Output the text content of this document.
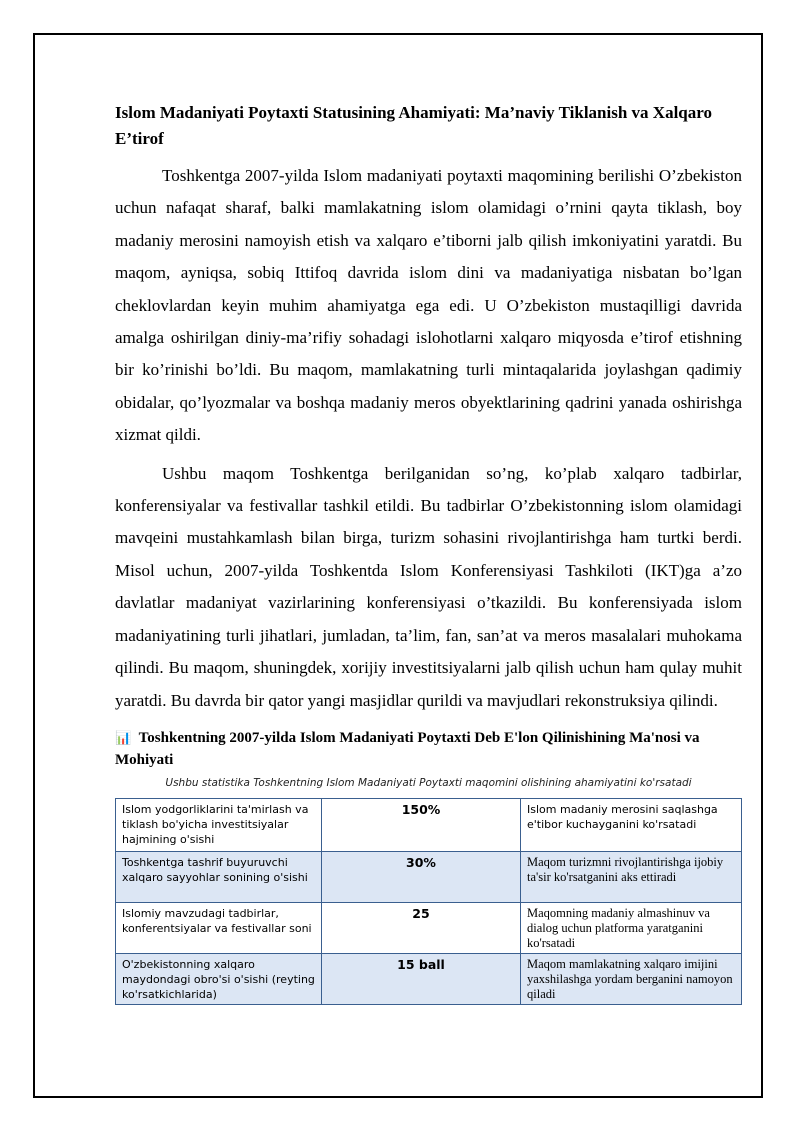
Islom Madaniyati Poytaxti Statusining Ahamiyati: Ma’naviy Tiklanish va Xalqaro E’tirof

Toshkentga 2007-yilda Islom madaniyati poytaxti maqomining berilishi O’zbekiston uchun nafaqat sharaf, balki mamlakatning islom olamidagi o’rnini qayta tiklash, boy madaniy merosini namoyish etish va xalqaro e’tiborni jalb qilish imkoniyatini yaratdi. Bu maqom, ayniqsa, sobiq Ittifoq davrida islom dini va madaniyatiga nisbatan bo’lgan cheklovlardan keyin muhim ahamiyatga ega edi. U O’zbekiston mustaqilligi davrida amalga oshirilgan diniy-ma’rifiy sohadagi islohotlarni xalqaro miqyosda e’tirof etishning bir ko’rinishi bo’ldi. Bu maqom, mamlakatning turli mintaqalarida joylashgan qadimiy obidalar, qo’lyozmalar va boshqa madaniy meros obyektlarining qadrini yanada oshirishga xizmat qildi.

Ushbu maqom Toshkentga berilganidan so’ng, ko’plab xalqaro tadbirlar, konferensiyalar va festivallar tashkil etildi. Bu tadbirlar O’zbekistonning islom olamidagi mavqeini mustahkamlash bilan birga, turizm sohasini rivojlantirishga ham turtki berdi. Misol uchun, 2007-yilda Toshkentda Islom Konferensiyasi Tashkiloti (IKT)ga a’zo davlatlar madaniyat vazirlarining konferensiyasi o’tkazildi. Bu konferensiyada islom madaniyatining turli jihatlari, jumladan, ta’lim, fan, san’at va meros masalalari muhokama qilindi. Bu maqom, shuningdek, xorijiy investitsiyalarni jalb qilish uchun ham qulay muhit yaratdi. Bu davrda bir qator yangi masjidlar qurildi va mavjudlari rekonstruksiya qilindi.

📊 Toshkentning 2007-yilda Islom Madaniyati Poytaxti Deb E'lon Qilinishining Ma'nosi va Mohiyati
Ushbu statistika Toshkentning Islom Madaniyati Poytaxti maqomini olishining ahamiyatini ko'rsatadi
Islom yodgorliklarini ta'mirlash va tiklash bo'yicha investitsiyalar hajmining o'sishi	150%	Islom madaniy merosini saqlashga e'tibor kuchayganini ko'rsatadi
Toshkentga tashrif buyuruvchi xalqaro sayyohlar sonining o'sishi	30%	Maqom turizmni rivojlantirishga ijobiy ta'sir ko'rsatganini aks ettiradi
Islomiy mavzudagi tadbirlar, konferentsiyalar va festivallar soni	25	Maqomning madaniy almashinuv va dialog uchun platforma yaratganini ko'rsatadi
O'zbekistonning xalqaro maydondagi obro'si o'sishi (reyting ko'rsatkichlarida)	15 ball	Maqom mamlakatning xalqaro imijini yaxshilashga yordam berganini namoyon qiladi
